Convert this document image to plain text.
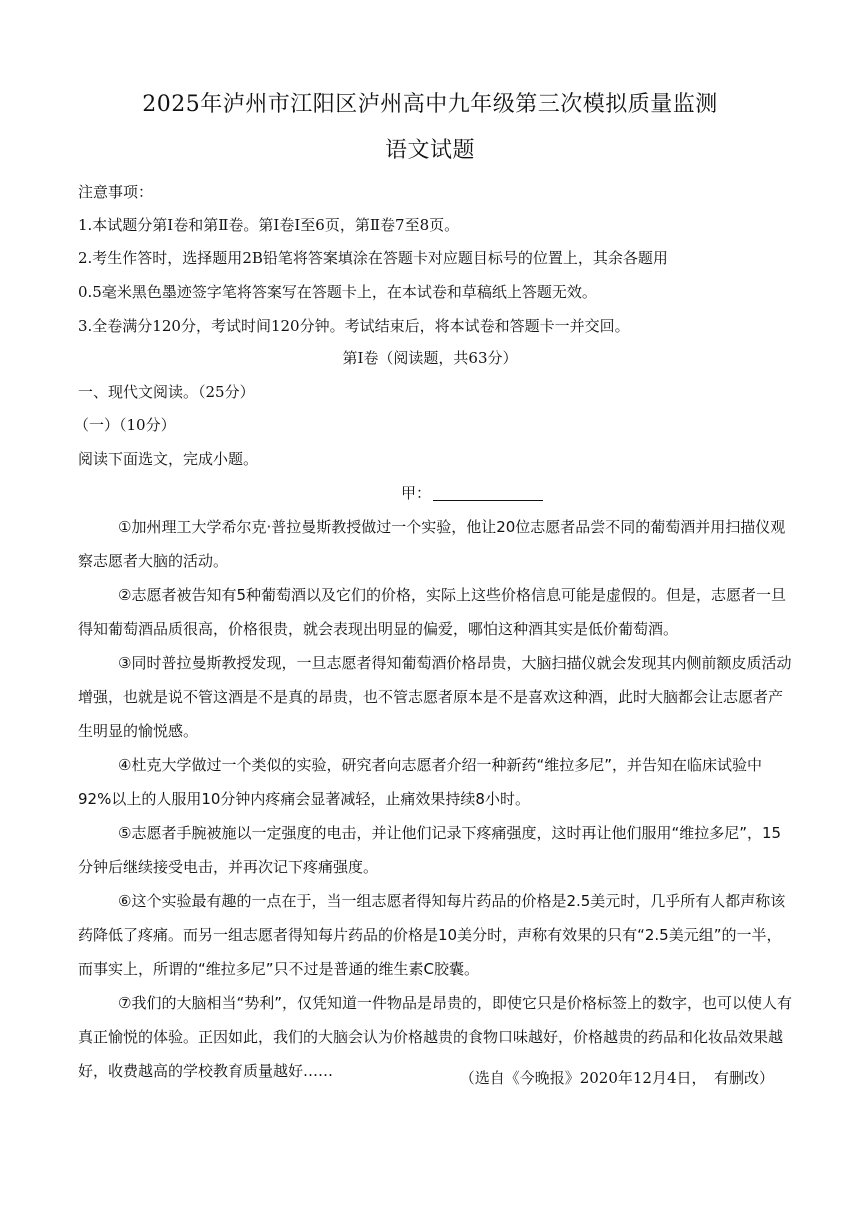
2025年泸州市江阳区泸州高中九年级第三次模拟质量监测
语文试题
注意事项：
1.本试题分第Ⅰ卷和第Ⅱ卷。第Ⅰ卷Ⅰ至6页，第Ⅱ卷7至8页。
2.考生作答时，选择题用2B铅笔将答案填涂在答题卡对应题目标号的位置上，其余各题用
0.5毫米黑色墨迹签字笔将答案写在答题卡上，在本试卷和草稿纸上答题无效。
3.全卷满分120分，考试时间120分钟。考试结束后，将本试卷和答题卡一并交回。
第Ⅰ卷（阅读题，共63分）
一、现代文阅读。（25分）
（一）（10分）
阅读下面选文，完成小题。
甲：

①加州理工大学希尔克·普拉曼斯教授做过一个实验，他让20位志愿者品尝不同的葡萄酒并用扫描仪观察志愿者大脑的活动。

②志愿者被告知有5种葡萄酒以及它们的价格，实际上这些价格信息可能是虚假的。但是，志愿者一旦得知葡萄酒品质很高，价格很贵，就会表现出明显的偏爱，哪怕这种酒其实是低价葡萄酒。

③同时普拉曼斯教授发现，一旦志愿者得知葡萄酒价格昂贵，大脑扫描仪就会发现其内侧前额皮质活动增强，也就是说不管这酒是不是真的昂贵，也不管志愿者原本是不是喜欢这种酒，此时大脑都会让志愿者产生明显的愉悦感。

④杜克大学做过一个类似的实验，研究者向志愿者介绍一种新药“维拉多尼”，并告知在临床试验中92%以上的人服用10分钟内疼痛会显著减轻，止痛效果持续8小时。

⑤志愿者手腕被施以一定强度的电击，并让他们记录下疼痛强度，这时再让他们服用“维拉多尼”，15分钟后继续接受电击，并再次记下疼痛强度。

⑥这个实验最有趣的一点在于，当一组志愿者得知每片药品的价格是2.5美元时，几乎所有人都声称该药降低了疼痛。而另一组志愿者得知每片药品的价格是10美分时，声称有效果的只有“2.5美元组”的一半，　而事实上，所谓的“维拉多尼”只不过是普通的维生素C胶囊。

⑦我们的大脑相当“势利”，仅凭知道一件物品是昂贵的，即使它只是价格标签上的数字，也可以使人有真正愉悦的体验。正因如此，我们的大脑会认为价格越贵的食物口味越好，价格越贵的药品和化妆品效果越好，收费越高的学校教育质量越好……	（选自《今晚报》2020年12月4日，　有删改）
